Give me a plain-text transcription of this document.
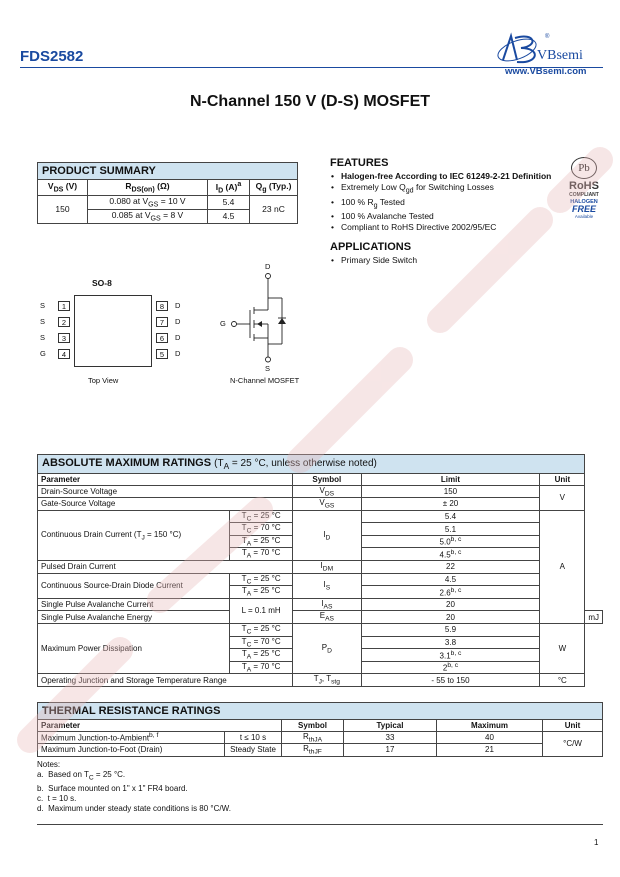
FDS2582
®
VBsemi
www.VBsemi.com
N-Channel 150 V (D-S) MOSFET
PRODUCT SUMMARY			
$V_{DS}$ (V)	$R_{DS(on)}$ (Ω)	$I_D$ $(A)^a$	$Q_g$ (Typ.)
150	0.080 at $V_{GS} = 10$ V	5.4	23 nC
	0.085 at $V_{GS} = 8$ V	4.5	
FEATURES
• Halogen-free According to IEC 61249-2-21 Definition
• Extremely Low $Q_{gd}$ for Switching Losses
• 100 % $R_g$ Tested
• 100 % Avalanche Tested
• Compliant to RoHS Directive 2002/95/EC
APPLICATIONS
• Primary Side Switch
Pb
RoHS
COMPLIANT
HALOGEN
FREE
Available
SO-8
S	1
S	2
S	3
G	4
8	D
7	D
6	D
5	D
Top View
D
G
S
N-Channel MOSFET
ABSOLUTE MAXIMUM RATINGS ($T_A = 25$ °C, unless otherwise noted)					
Parameter		Symbol	Limit	Unit	
Drain-Source Voltage		$V_{DS}$	150	V	
Gate-Source Voltage		$V_{GS}$	± 20		
Continuous Drain Current ($T_J = 150$ °C)	$T_C = 25$ °C	$I_D$	5.4	A	
	$T_C = 70$ °C		5.1		
	$T_A = 25$ °C		5.0$^{b, c}$
	$T_A = 70$ °C		4.5$^{b, c}$
Pulsed Drain Current		$I_{DM}$	22		
Continuous Source-Drain Diode Current	$T_C = 25$ °C	$I_S$	4.5		
	$T_A = 25$ °C		2.6$^{b, c}$
Single Pulse Avalanche Current	L = 0.1 mH	$I_{AS}$	20		
Single Pulse Avalanche Energy		$E_{AS}$	20		mJ
Maximum Power Dissipation	$T_C = 25$ °C	$P_D$	5.9	W	
	$T_C = 70$ °C		3.8		
	$T_A = 25$ °C		3.1$^{b, c}$
	$T_A = 70$ °C		2$^{b, c}$
Operating Junction and Storage Temperature Range		$T_J$, $T_{stg}$	- 55 to 150	°C	
THERMAL RESISTANCE RATINGS					
Parameter		Symbol	Typical	Maximum	Unit
Maximum Junction-to-Ambient$^{b, f}$	t ≤ 10 s	$R_{thJA}$	33	40	°C/W
Maximum Junction-to-Foot (Drain)	Steady State	$R_{thJF}$	17	21	
Notes:
a.  Based on $T_C = 25$ °C.
b.  Surface mounted on 1" x 1" FR4 board.
c.  t = 10 s.
d.  Maximum under steady state conditions is 80 °C/W.
1
